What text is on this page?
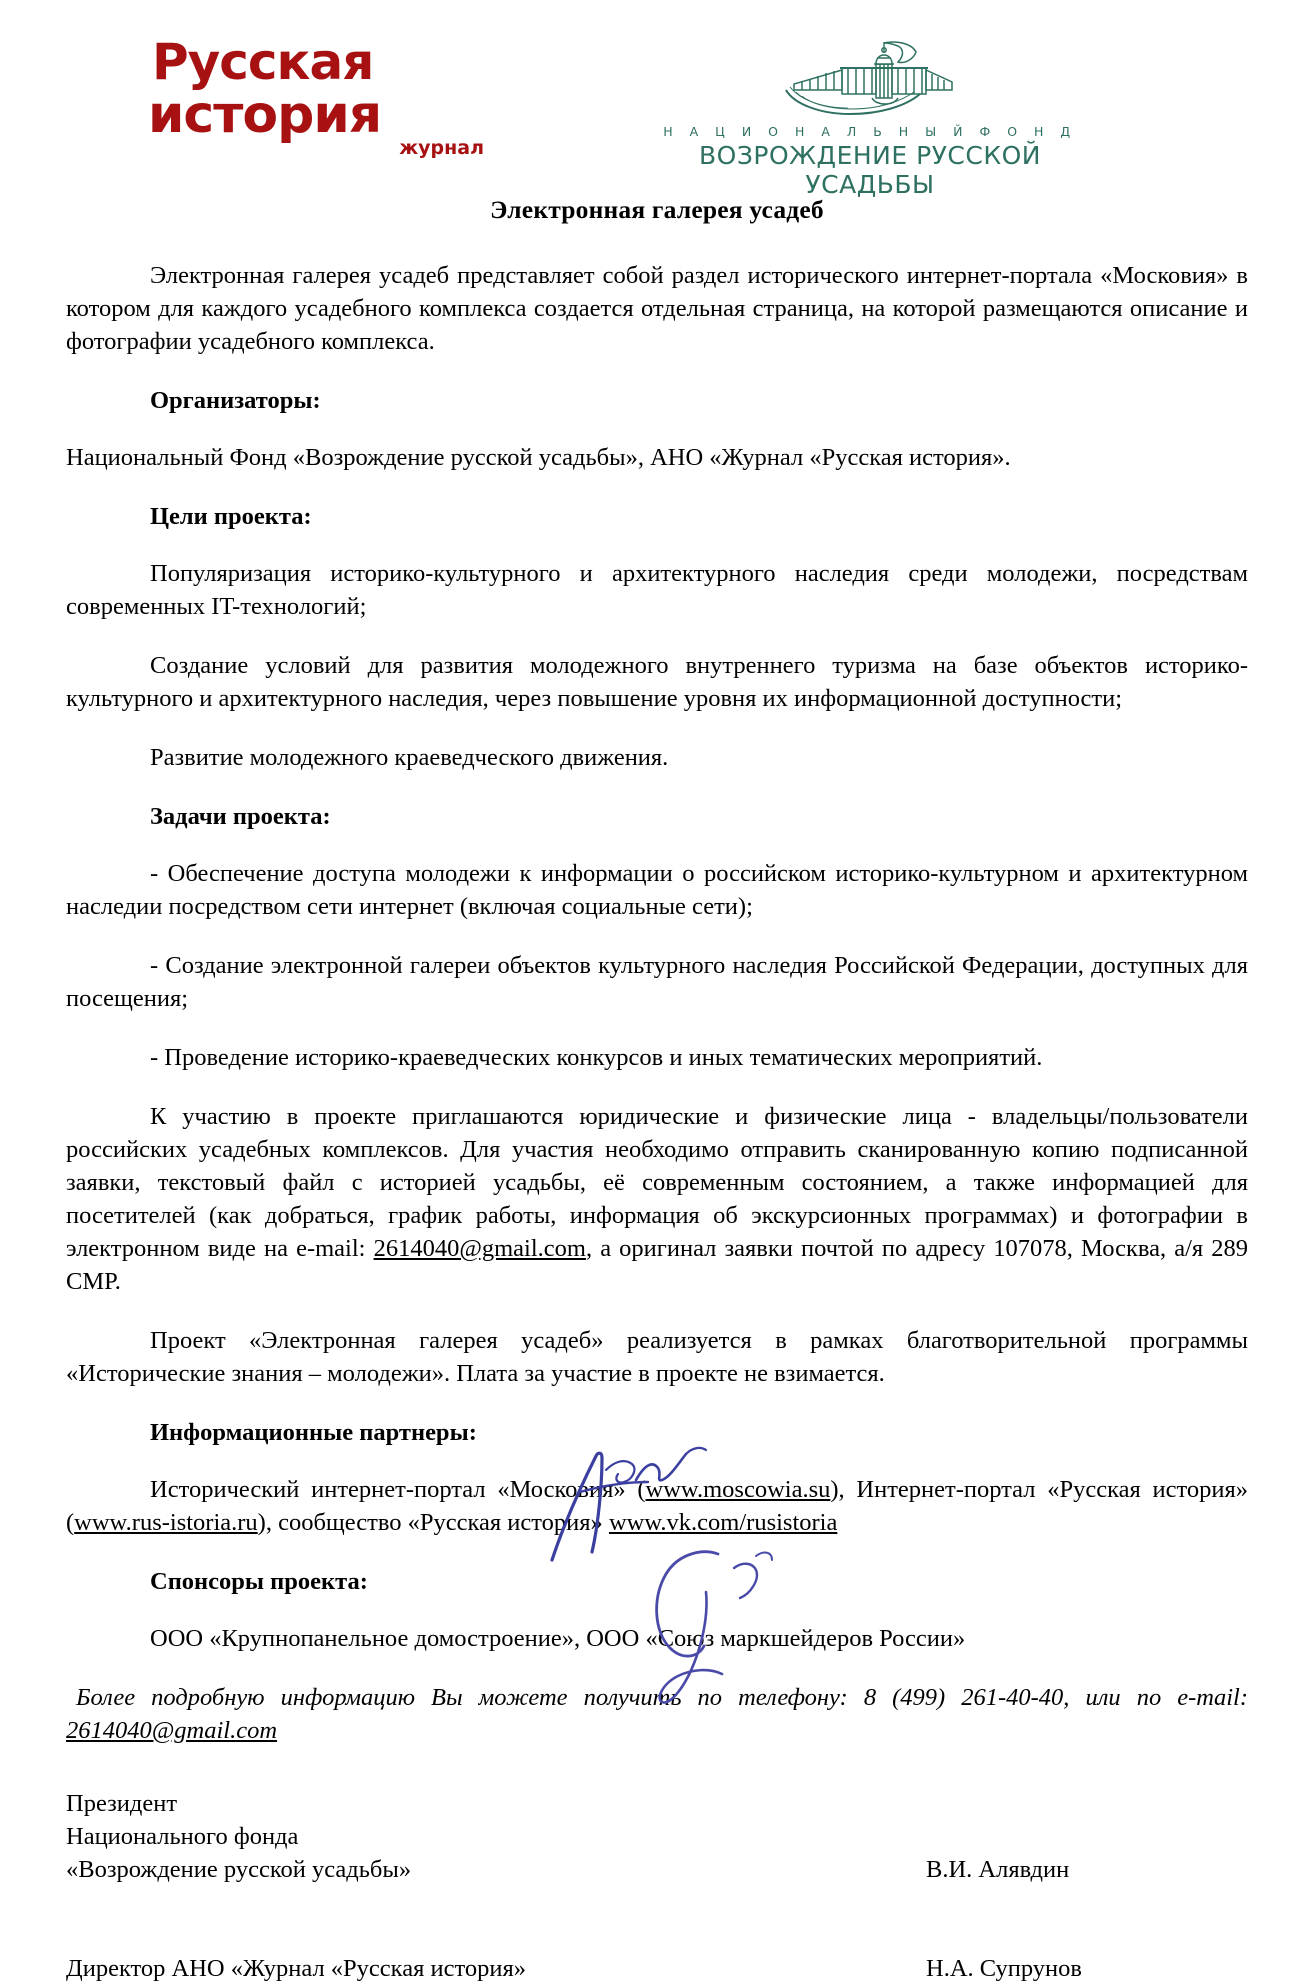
Русская
история
журнал
Н А Ц И О Н А Л Ь Н Ы Й Ф О Н Д
ВОЗРОЖДЕНИЕ РУССКОЙ УСАДЬБЫ
Электронная галерея усадеб

Электронная галерея усадеб представляет собой раздел исторического интернет-портала «Московия» в котором для каждого усадебного комплекса создается отдельная страница, на которой размещаются описание и фотографии усадебного комплекса.

Организаторы:

Национальный Фонд «Возрождение русской усадьбы», АНО «Журнал «Русская история».

Цели проекта:

Популяризация историко-культурного и архитектурного наследия среди молодежи, посредствам современных IT-технологий;

Создание условий для развития молодежного внутреннего туризма на базе объектов историко-культурного и архитектурного наследия, через повышение уровня их информационной доступности;

Развитие молодежного краеведческого движения.

Задачи проекта:

- Обеспечение доступа молодежи к информации о российском историко-культурном и архитектурном наследии посредством сети интернет (включая социальные сети);

- Создание электронной галереи объектов культурного наследия Российской Федерации, доступных для посещения;

- Проведение историко-краеведческих конкурсов и иных тематических мероприятий.

К участию в проекте приглашаются юридические и физические лица - владельцы/пользователи российских усадебных комплексов. Для участия необходимо отправить сканированную копию подписанной заявки, текстовый файл с историей усадьбы, её современным состоянием, а также информацией для посетителей (как добраться, график работы, информация об экскурсионных программах) и фотографии в электронном виде на e-mail: 2614040@gmail.com, а оригинал заявки почтой по адресу 107078, Москва, а/я 289 СМР.

Проект «Электронная галерея усадеб» реализуется в рамках благотворительной программы «Исторические знания – молодежи». Плата за участие в проекте не взимается.

Информационные партнеры:

Исторический интернет-портал «Московия» (www.moscowia.su), Интернет-портал «Русская история» (www.rus-istoria.ru), сообщество «Русская история» www.vk.com/rusistoria

Спонсоры проекта:

ООО «Крупнопанельное домостроение», ООО «Союз маркшейдеров России»

Более подробную информацию Вы можете получить по телефону: 8 (499) 261-40-40, или по e-mail: 2614040@gmail.com

Президент
Национального фонда
«Возрождение русской усадьбы»	В.И. Алявдин
Директор АНО «Журнал «Русская история»	Н.А. Супрунов
